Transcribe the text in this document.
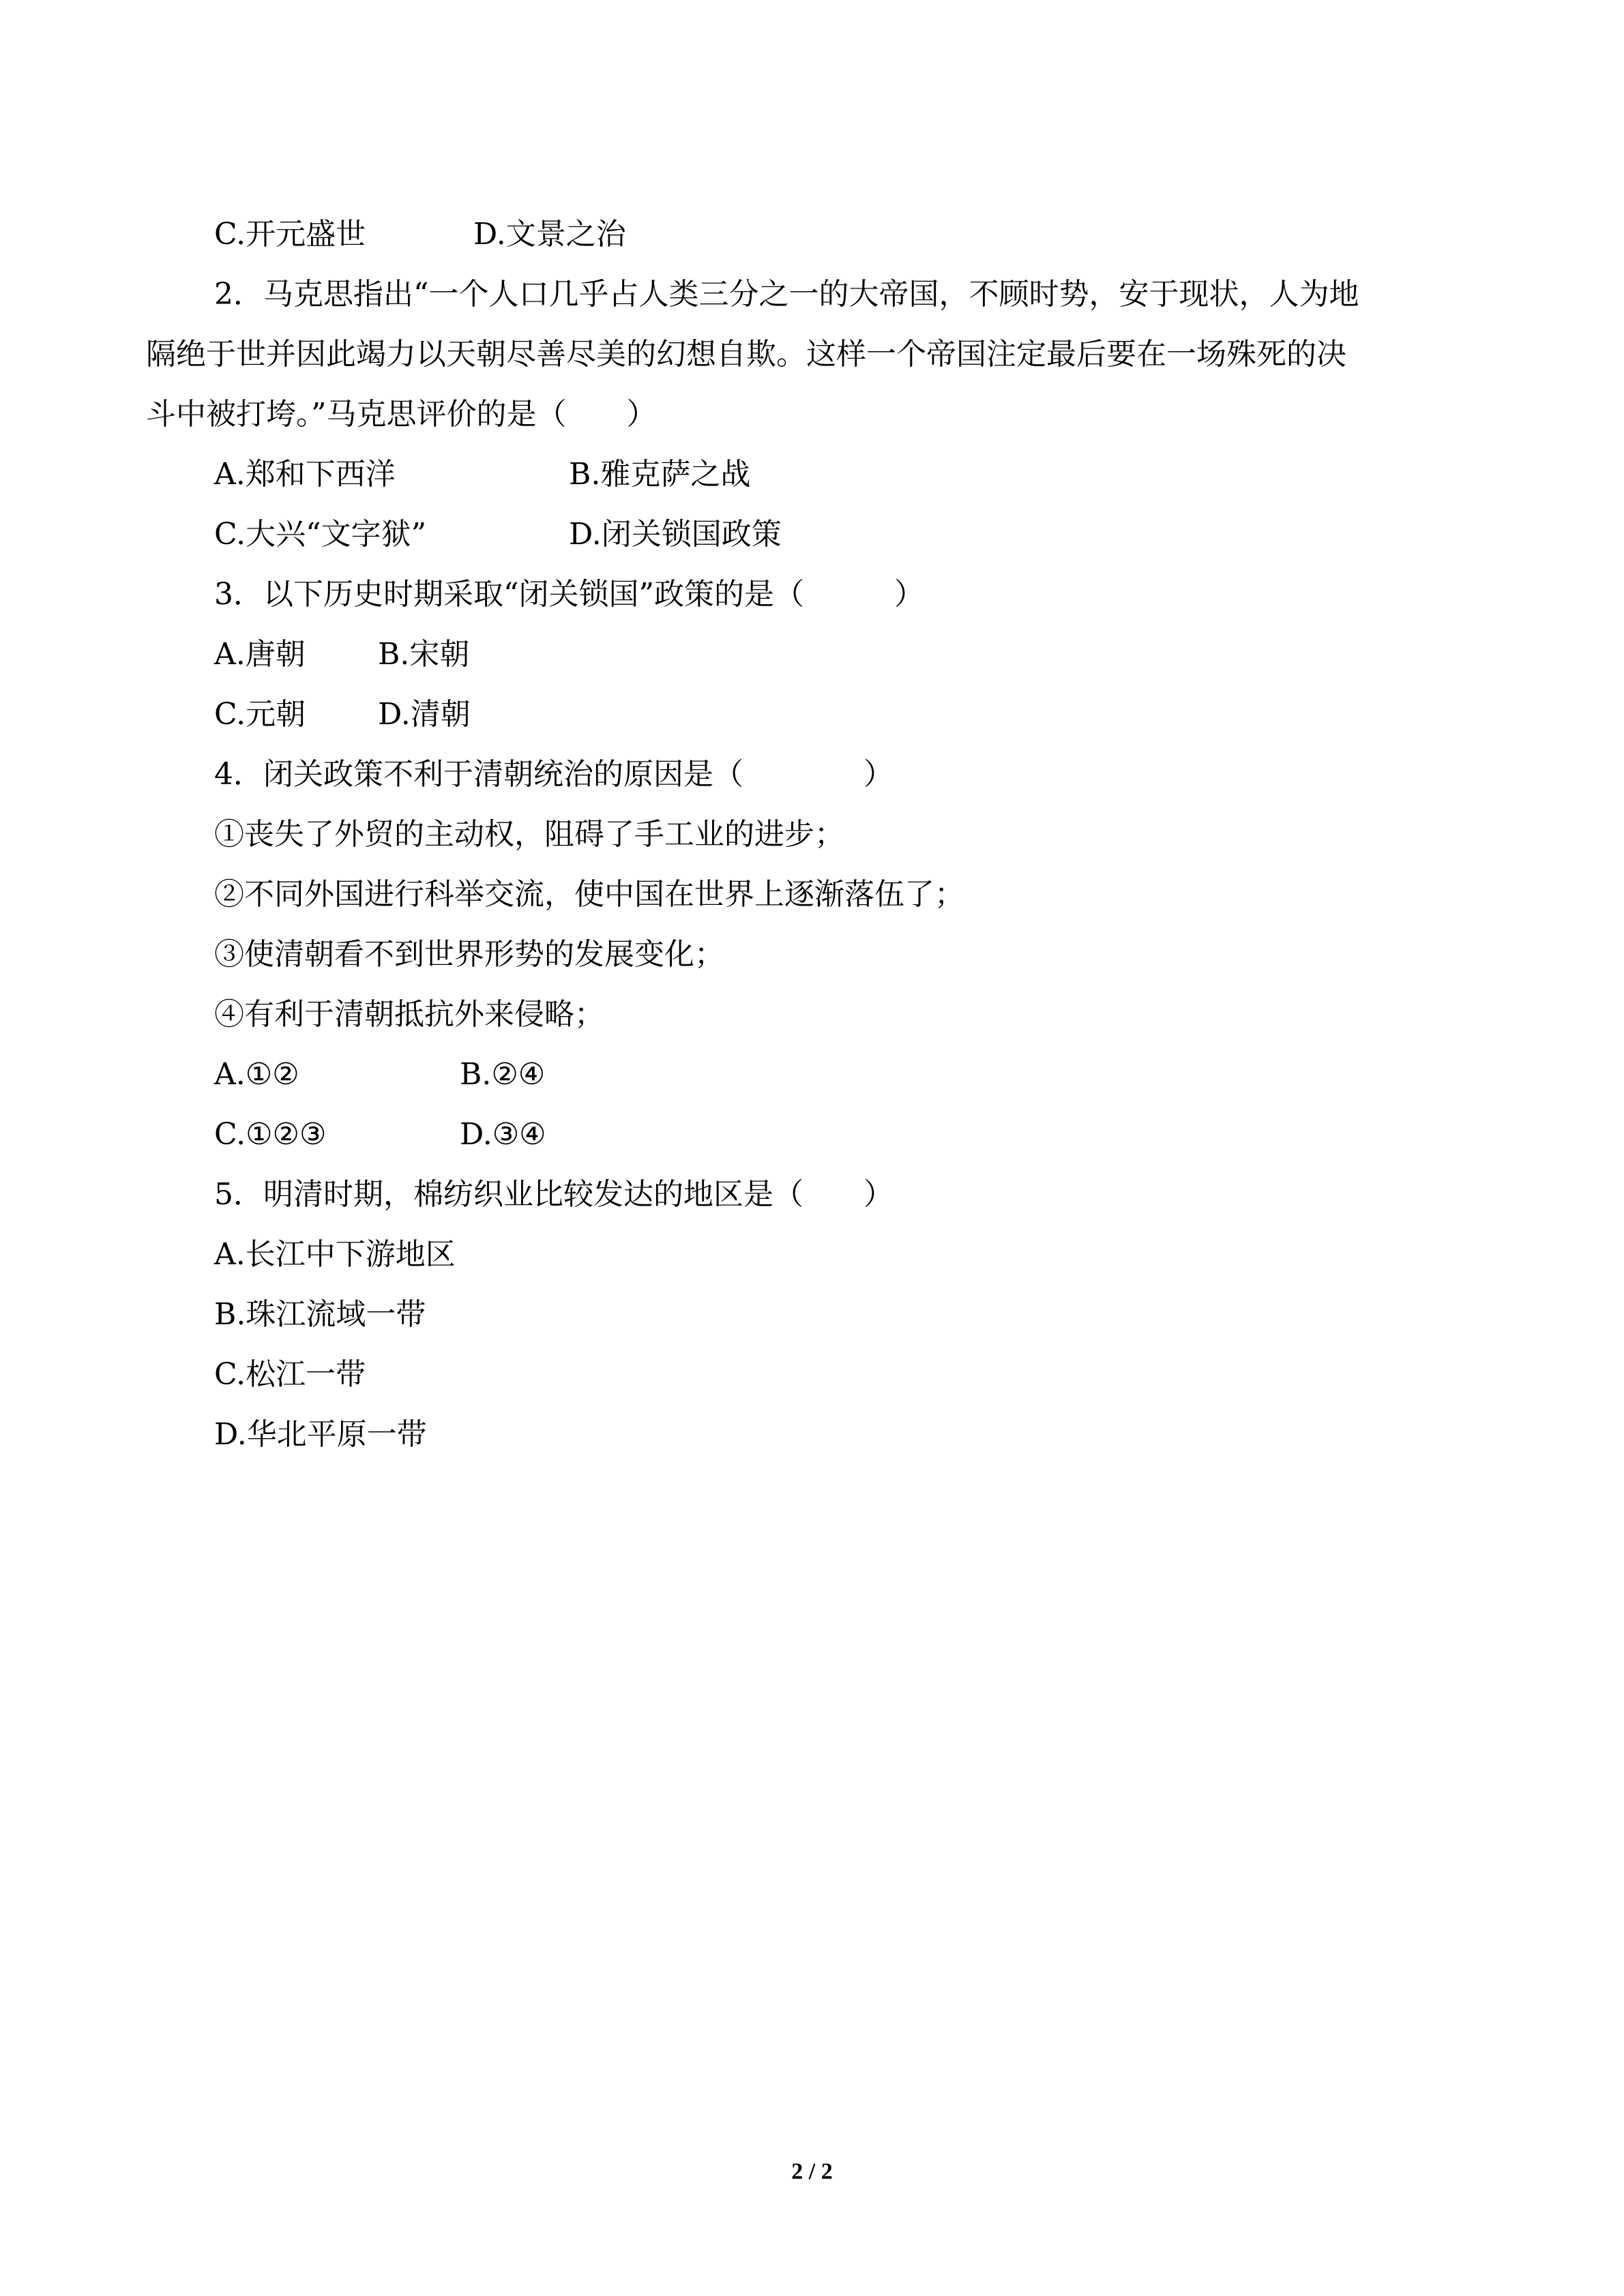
C.开元盛世	D.文景之治
2．马克思指出“一个人口几乎占人类三分之一的大帝国，不顾时势，安于现状，人为地
隔绝于世并因此竭力以天朝尽善尽美的幻想自欺。这样一个帝国注定最后要在一场殊死的决
斗中被打垮。”马克思评价的是（　　）
A.郑和下西洋	B.雅克萨之战
C.大兴“文字狱”	D.闭关锁国政策
3．以下历史时期采取“闭关锁国”政策的是（　　　）
A.唐朝 B.宋朝
C.元朝 D.清朝
4．闭关政策不利于清朝统治的原因是（　　　　）
①丧失了外贸的主动权，阻碍了手工业的进步；
②不同外国进行科举交流，使中国在世界上逐渐落伍了；
③使清朝看不到世界形势的发展变化；
④有利于清朝抵抗外来侵略；
A.①②	B.②④
C.①②③	D.③④
5．明清时期，棉纺织业比较发达的地区是（　　）
A.长江中下游地区
B.珠江流域一带
C.松江一带
D.华北平原一带
2 / 2
